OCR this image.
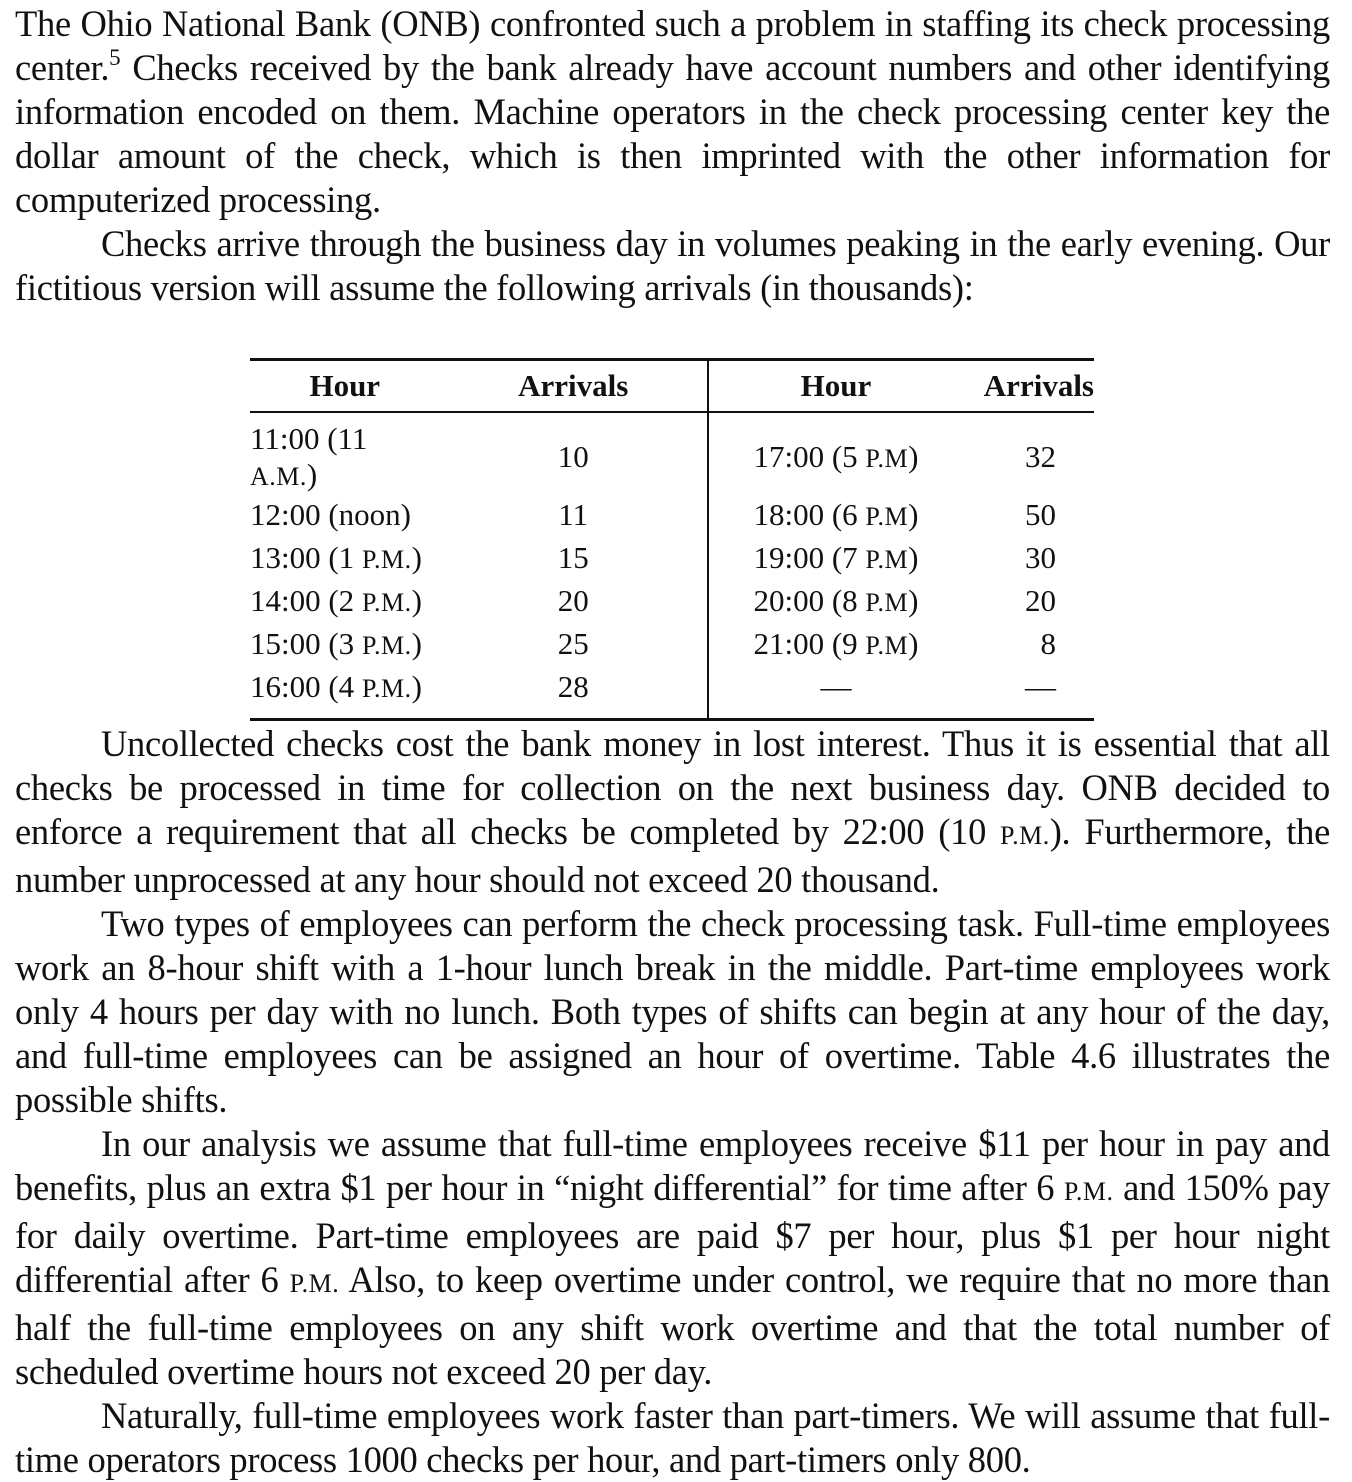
The Ohio National Bank (ONB) confronted such a problem in staffing its check processing center.$^5$ Checks received by the bank already have account numbers and other identifying information encoded on them. Machine operators in the check processing center key the dollar amount of the check, which is then imprinted with the other information for computerized processing.

Checks arrive through the business day in volumes peaking in the early evening. Our fictitious version will assume the following arrivals (in thousands):

Hour	Arrivals	Hour	Arrivals
11:00 (11 A.M.)	10	17:00 (5 P.M)	32
12:00 (noon)	11	18:00 (6 P.M)	50
13:00 (1 P.M.)	15	19:00 (7 P.M)	30
14:00 (2 P.M.)	20	20:00 (8 P.M)	20
15:00 (3 P.M.)	25	21:00 (9 P.M)	8
16:00 (4 P.M.)	28	—	—

Uncollected checks cost the bank money in lost interest. Thus it is essential that all checks be processed in time for collection on the next business day. ONB decided to enforce a requirement that all checks be completed by 22:00 (10 P.M.). Furthermore, the number unprocessed at any hour should not exceed 20 thousand.

Two types of employees can perform the check processing task. Full-time employees work an 8-hour shift with a 1-hour lunch break in the middle. Part-time employees work only 4 hours per day with no lunch. Both types of shifts can begin at any hour of the day, and full-time employees can be assigned an hour of overtime. Table 4.6 illustrates the possible shifts.

In our analysis we assume that full-time employees receive $11 per hour in pay and benefits, plus an extra $1 per hour in “night differential” for time after 6 P.M. and 150% pay for daily overtime. Part-time employees are paid $7 per hour, plus $1 per hour night differential after 6 P.M. Also, to keep overtime under control, we require that no more than half the full-time employees on any shift work overtime and that the total number of scheduled overtime hours not exceed 20 per day.

Naturally, full-time employees work faster than part-timers. We will assume that full-time operators process 1000 checks per hour, and part-timers only 800.
